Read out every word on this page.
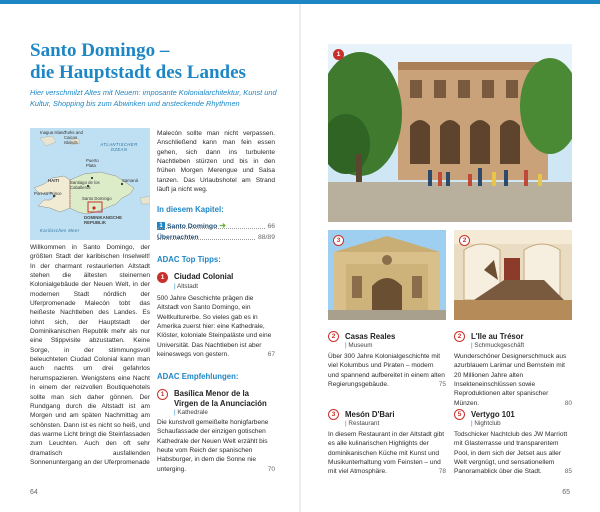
Santo Domingo –
die Hauptstadt des Landes
Hier verschmilzt Altes mit Neuem: imposante Kolonialarchitektur, Kunst und Kultur, Shopping bis zum Abwinken und ansteckende Rhythmen
Inagua Island
Turks and Caicos Islands	ATLANTISCHER OZEAN
Puerto Plata
HAITI	Santiago de los Caballeros
Samaná
Port-au-Prince
Santo Domingo
DOMINIKANISCHE REPUBLIK
Karibisches Meer
Willkommen in Santo Domingo, der größten Stadt der karibischen Inselwelt! In der charmant restaurierten Altstadt stehen die ältesten steinernen Kolonialgebäude der Neuen Welt, in der modernen Stadt nördlich der Uferpromenade Malecón tobt das heißeste Nachtleben des Landes. Es lohnt sich, der Hauptstadt der Dominikanischen Republik mehr als nur eine Stippvisite abzustatten. Keine Sorge, in der stimmungsvoll beleuchteten Ciudad Colonial kann man auch nachts um drei gefahrlos herumspazieren. Wenigstens eine Nacht in einem der reizvollen Boutiquehotels sollte man sich daher gönnen. Der Rundgang durch die Altstadt ist am Morgen und am späten Nachmittag am schönsten. Dann ist es nicht so heiß, und das warme Licht bringt die Steinfassaden zum Leuchten. Auch den oft sehr dramatisch ausfallenden Sonnenuntergang an der Uferpromenade
Malecón sollte man nicht verpassen. Anschließend kann man fein essen gehen, sich dann ins turbulente Nachtleben stürzen und bis in den frühen Morgen Merengue und Salsa tanzen. Das Urlaubshotel am Strand läuft ja nicht weg.
In diesem Kapitel:
1 Santo Domingo ➜	66
Übernachten	88/89
ADAC Top Tipps:
1	Ciudad Colonial
| Altstadt
500 Jahre Geschichte prägen die Altstadt von Santo Domingo, ein Weltkulturerbe. So vieles gab es in Amerika zuerst hier: eine Kathedrale, Klöster, koloniale Steinpaläste und eine Universität. Das Nachtleben ist aber keineswegs von gestern.	67
ADAC Empfehlungen:
1	Basílica Menor de la Virgen de la Anunciación
| Kathedrale
Die kunstvoll gemeißelte honigfarbene Schaufassade der einzigen gotischen Kathedrale der Neuen Welt erzählt bis heute vom Reich der spanischen Habsburger, in dem die Sonne nie unterging.	70
64
1
3	2
2	Casas Reales
| Museum
Über 300 Jahre Kolonialgeschichte mit viel Kolumbus und Piraten – modern und spannend aufbereitet in einem alten Regierungsgebäude.	75
2	L'Ile au Trésor
| Schmuckgeschäft
Wunderschöner Designerschmuck aus azurblauem Larimar und Bernstein mit 20 Millionen Jahre alten Insekteneinschlüssen sowie Reproduktionen alter spanischer Münzen.	80
3	Mesón D'Bari
| Restaurant
In diesem Restaurant in der Altstadt gibt es alle kulinarischen Highlights der dominikanischen Küche mit Kunst und Musikunterhaltung vom Feinsten – und mit viel Atmosphäre.	78
5	Vertygo 101
| Nightclub
Todschicker Nachtclub des JW Marriott mit Glasterrasse und transparentem Pool, in dem sich der Jetset aus aller Welt vergnügt, und sensationellem Panoramablick über die Stadt.	85
65
